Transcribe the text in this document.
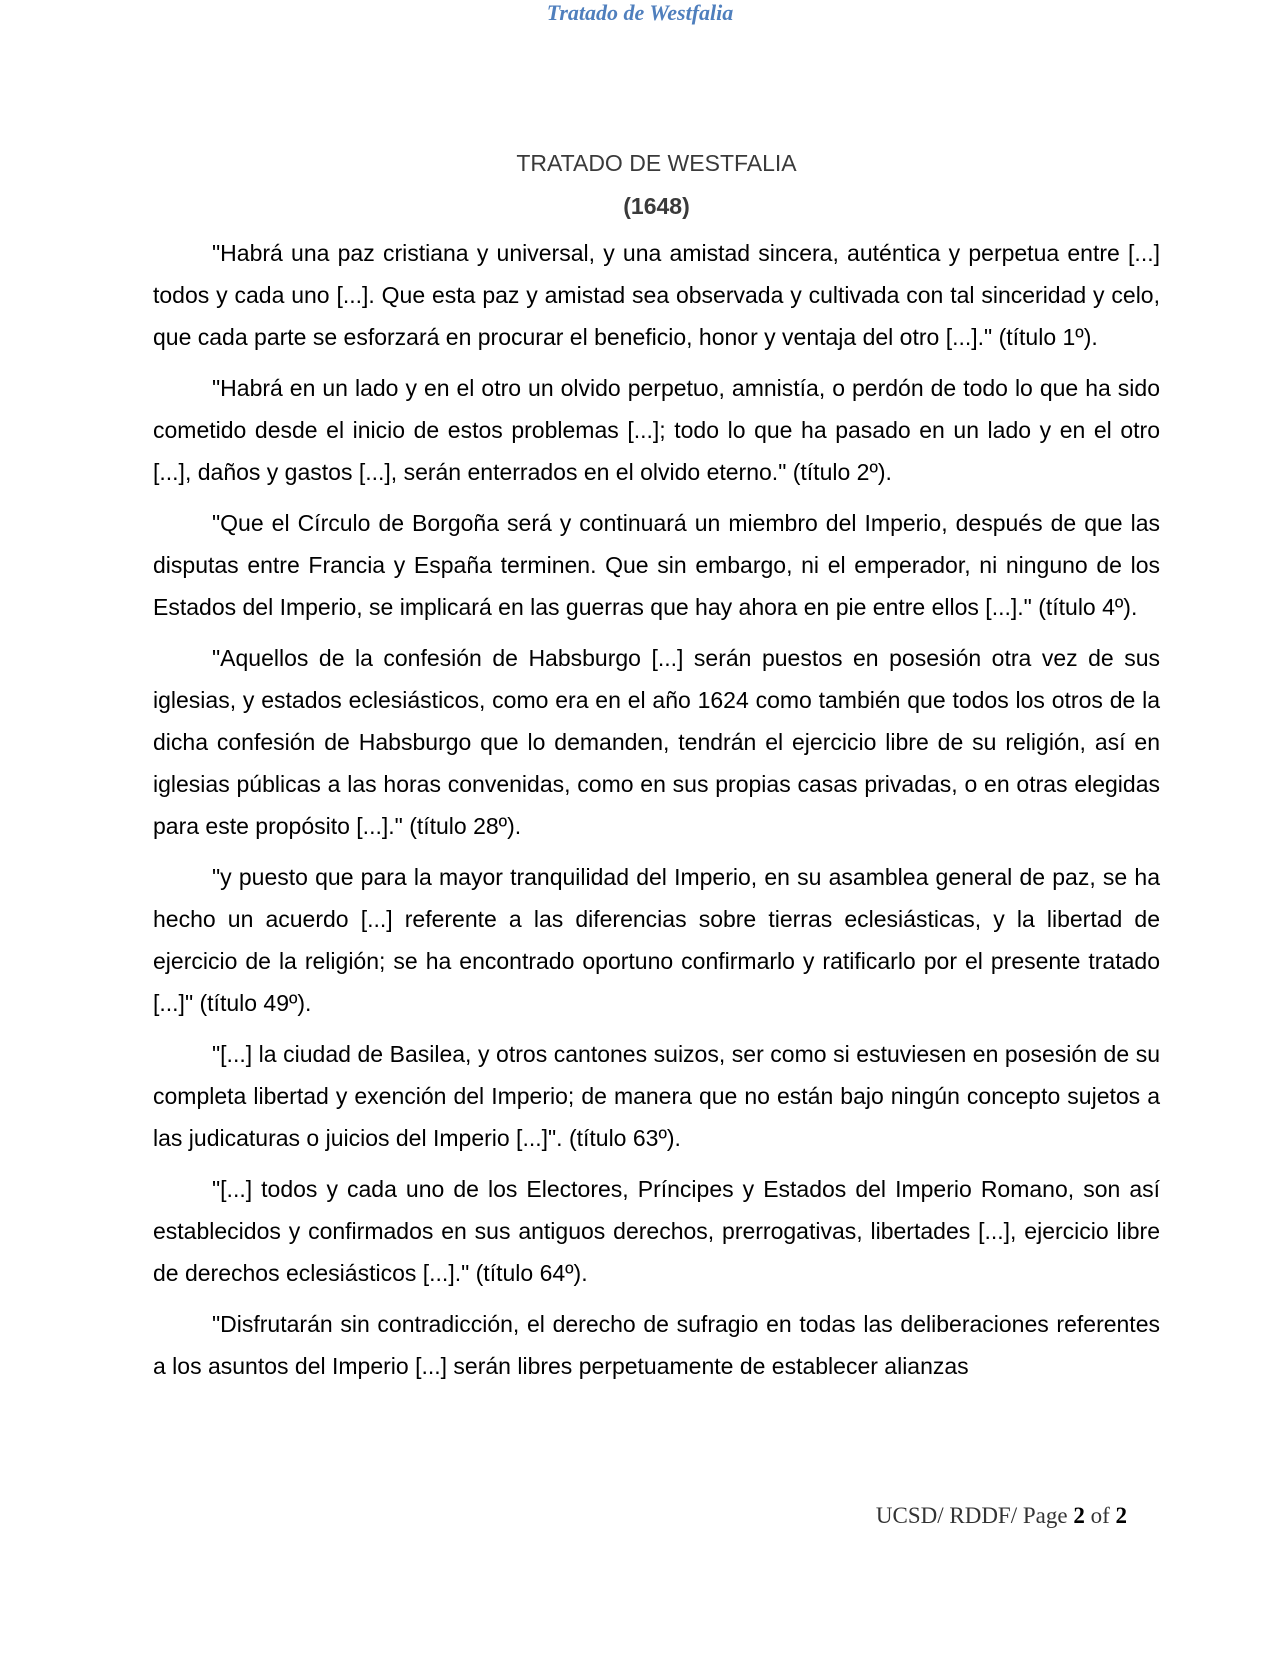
Tratado de Westfalia
TRATADO DE WESTFALIA
(1648)

"Habrá una paz cristiana y universal, y una amistad sincera, auténtica y perpetua entre [...] todos y cada uno [...]. Que esta paz y amistad sea observada y cultivada con tal sinceridad y celo, que cada parte se esforzará en procurar el beneficio, honor y ventaja del otro [...]." (título 1º).

"Habrá en un lado y en el otro un olvido perpetuo, amnistía, o perdón de todo lo que ha sido cometido desde el inicio de estos problemas [...]; todo lo que ha pasado en un lado y en el otro [...], daños y gastos [...], serán enterrados en el olvido eterno." (título 2º).

"Que el Círculo de Borgoña será y continuará un miembro del Imperio, después de que las disputas entre Francia y España terminen. Que sin embargo, ni el emperador, ni ninguno de los Estados del Imperio, se implicará en las guerras que hay ahora en pie entre ellos [...]." (título 4º).

"Aquellos de la confesión de Habsburgo [...] serán puestos en posesión otra vez de sus iglesias, y estados eclesiásticos, como era en el año 1624 como también que todos los otros de la dicha confesión de Habsburgo que lo demanden, tendrán el ejercicio libre de su religión, así en iglesias públicas a las horas convenidas, como en sus propias casas privadas, o en otras elegidas para este propósito [...]." (título 28º).

"y puesto que para la mayor tranquilidad del Imperio, en su asamblea general de paz, se ha hecho un acuerdo [...] referente a las diferencias sobre tierras eclesiásticas, y la libertad de ejercicio de la religión; se ha encontrado oportuno confirmarlo y ratificarlo por el presente tratado [...]" (título 49º).

"[...] la ciudad de Basilea, y otros cantones suizos, ser como si estuviesen en posesión de su completa libertad y exención del Imperio; de manera que no están bajo ningún concepto sujetos a las judicaturas o juicios del Imperio [...]". (título 63º).

"[...] todos y cada uno de los Electores, Príncipes y Estados del Imperio Romano, son así establecidos y confirmados en sus antiguos derechos, prerrogativas, libertades [...], ejercicio libre de derechos eclesiásticos [...]." (título 64º).

"Disfrutarán sin contradicción, el derecho de sufragio en todas las deliberaciones referentes a los asuntos del Imperio [...] serán libres perpetuamente de establecer alianzas

UCSD/ RDDF/ Page 2 of 2
